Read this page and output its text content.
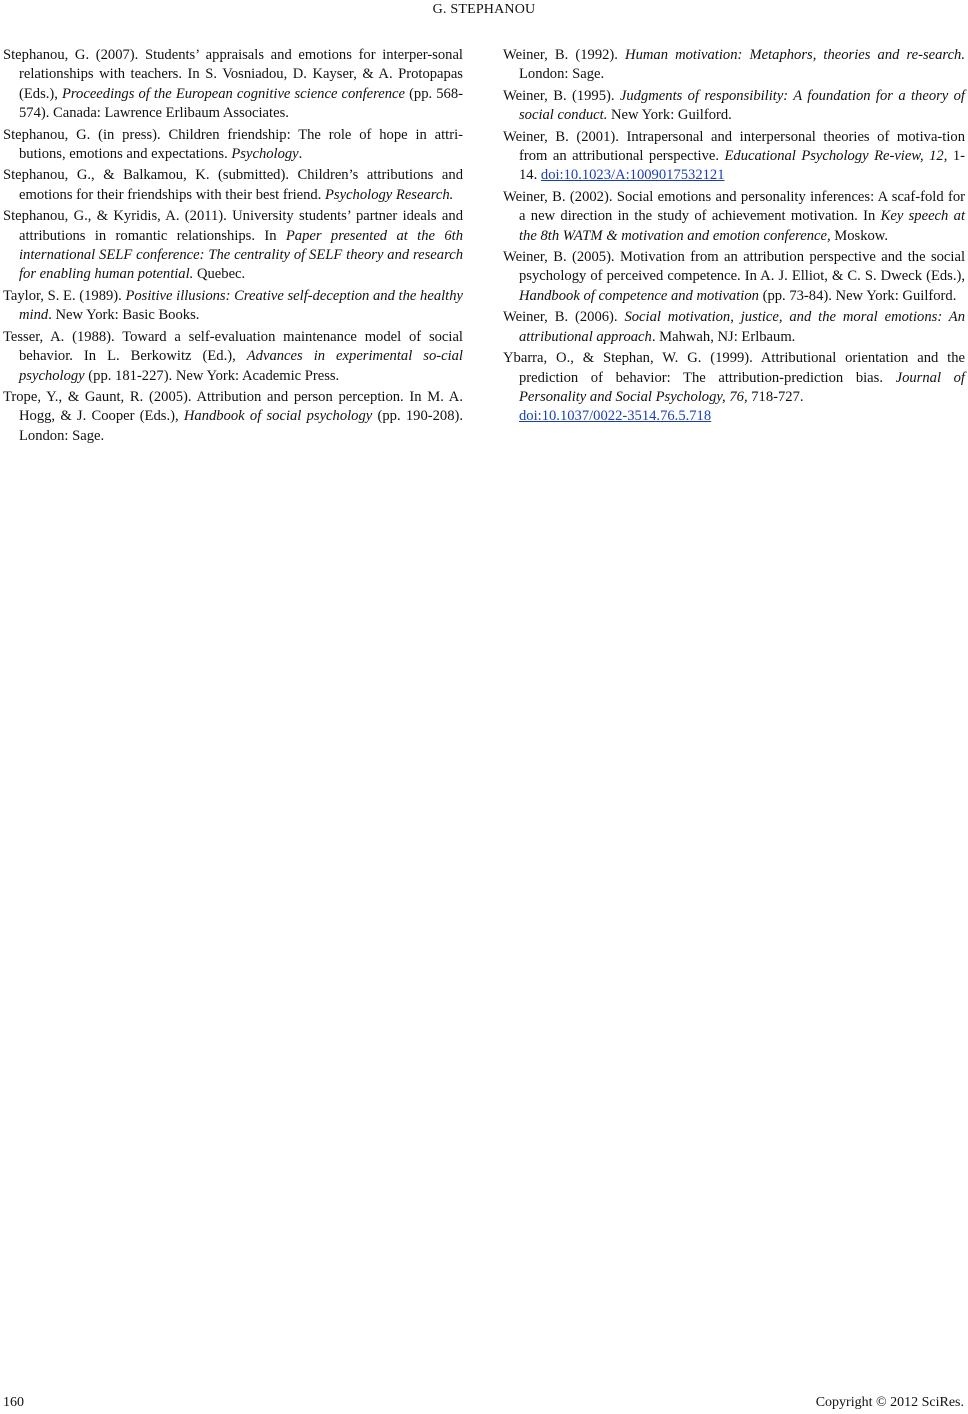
G. STEPHANOU

Stephanou, G. (2007). Students’ appraisals and emotions for interper-sonal relationships with teachers. In S. Vosniadou, D. Kayser, & A. Protopapas (Eds.), Proceedings of the European cognitive science conference (pp. 568-574). Canada: Lawrence Erlibaum Associates.

Stephanou, G. (in press). Children friendship: The role of hope in attri-butions, emotions and expectations. Psychology.

Stephanou, G., & Balkamou, K. (submitted). Children’s attributions and emotions for their friendships with their best friend. Psychology Research.

Stephanou, G., & Kyridis, A. (2011). University students’ partner ideals and attributions in romantic relationships. In Paper presented at the 6th international SELF conference: The centrality of SELF theory and research for enabling human potential. Quebec.

Taylor, S. E. (1989). Positive illusions: Creative self-deception and the healthy mind. New York: Basic Books.

Tesser, A. (1988). Toward a self-evaluation maintenance model of social behavior. In L. Berkowitz (Ed.), Advances in experimental so-cial psychology (pp. 181-227). New York: Academic Press.

Trope, Y., & Gaunt, R. (2005). Attribution and person perception. In M. A. Hogg, & J. Cooper (Eds.), Handbook of social psychology (pp. 190-208). London: Sage.

Weiner, B. (1992). Human motivation: Metaphors, theories and re-search. London: Sage.

Weiner, B. (1995). Judgments of responsibility: A foundation for a theory of social conduct. New York: Guilford.

Weiner, B. (2001). Intrapersonal and interpersonal theories of motiva-tion from an attributional perspective. Educational Psychology Re-view, 12, 1-14. doi:10.1023/A:1009017532121

Weiner, B. (2002). Social emotions and personality inferences: A scaf-fold for a new direction in the study of achievement motivation. In Key speech at the 8th WATM & motivation and emotion conference, Moskow.

Weiner, B. (2005). Motivation from an attribution perspective and the social psychology of perceived competence. In A. J. Elliot, & C. S. Dweck (Eds.), Handbook of competence and motivation (pp. 73-84). New York: Guilford.

Weiner, B. (2006). Social motivation, justice, and the moral emotions: An attributional approach. Mahwah, NJ: Erlbaum.

Ybarra, O., & Stephan, W. G. (1999). Attributional orientation and the prediction of behavior: The attribution-prediction bias. Journal of Personality and Social Psychology, 76, 718-727.
doi:10.1037/0022-3514.76.5.718

160	Copyright © 2012 SciRes.
